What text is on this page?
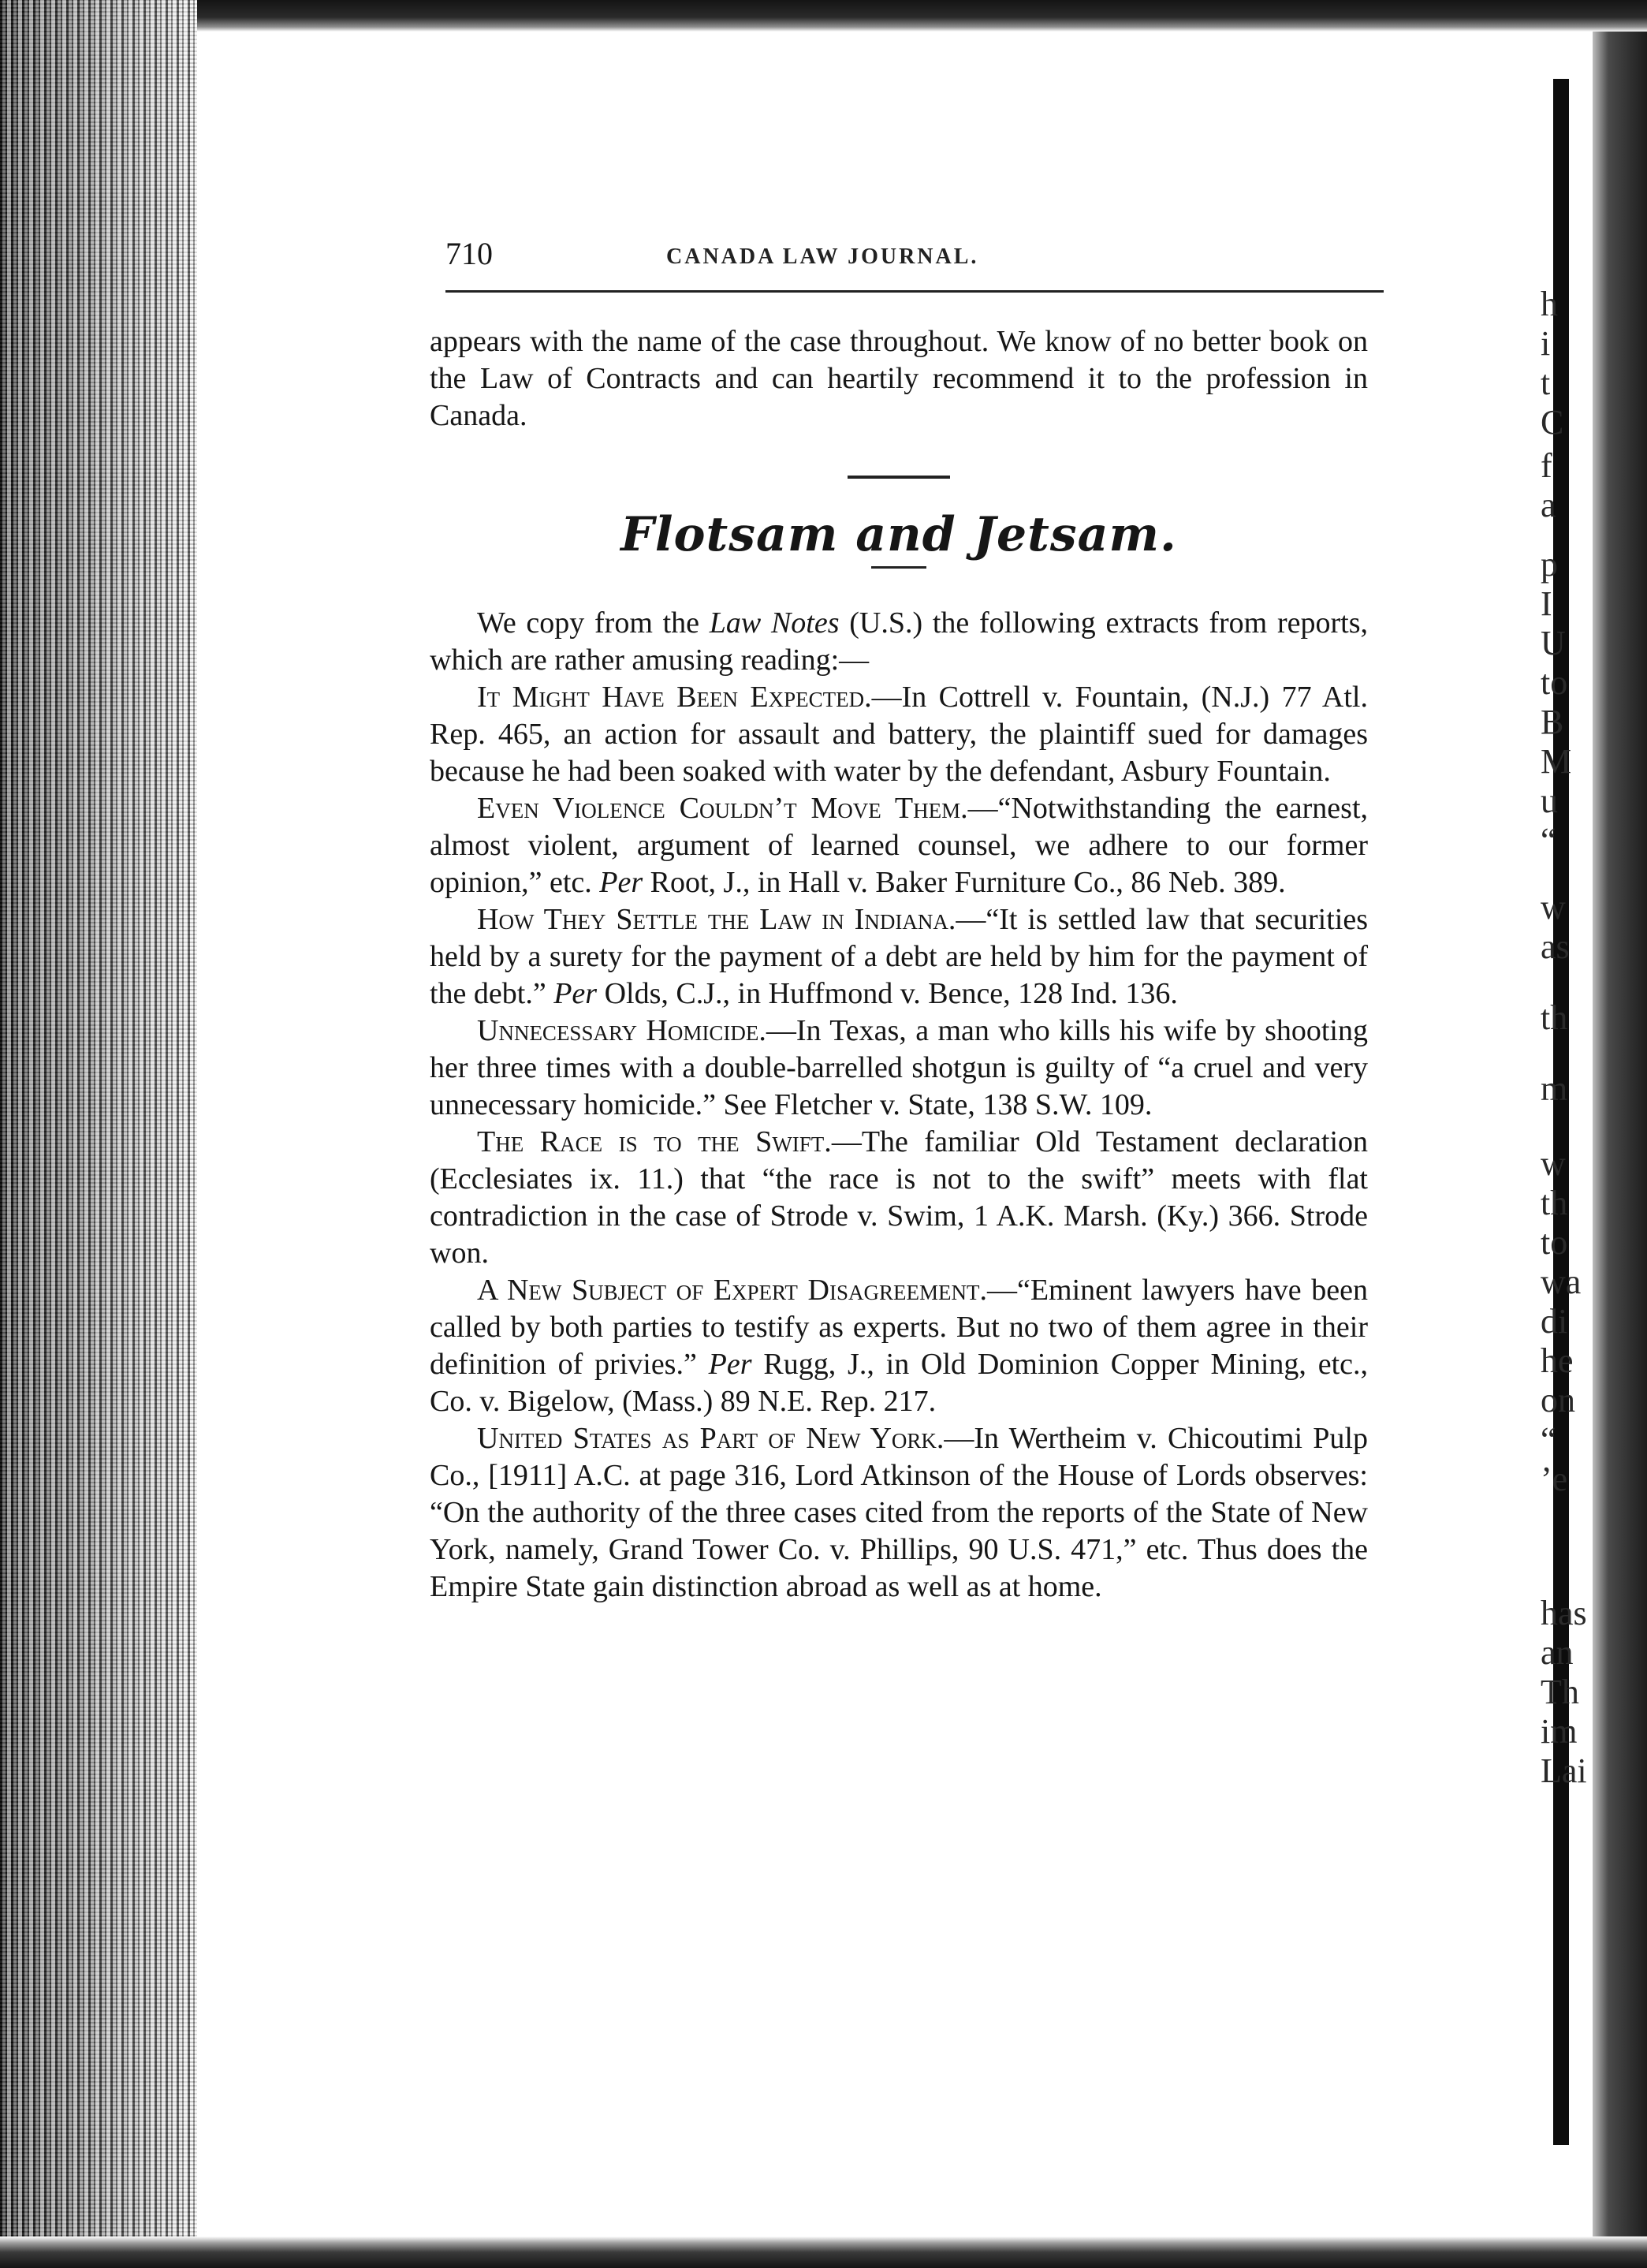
h
i
t
C
f
a
p
I
U
to
B
M
u
“
w
as
th
m
w
th
to
wa
di
he
on
“
’e
has
an
Th
im
Lai
710	CANADA LAW JOURNAL.

appears with the name of the case throughout. We know of no better book on the Law of Contracts and can heartily recommend it to the profession in Canada.

Flotsam and Jetsam.

We copy from the Law Notes (U.S.) the following extracts from reports, which are rather amusing reading:—

It Might Have Been Expected.—In Cottrell v. Fountain, (N.J.) 77 Atl. Rep. 465, an action for assault and battery, the plaintiff sued for damages because he had been soaked with water by the defendant, Asbury Fountain.

Even Violence Couldn’t Move Them.—“Notwithstanding the earnest, almost violent, argument of learned counsel, we adhere to our former opinion,” etc. Per Root, J., in Hall v. Baker Furniture Co., 86 Neb. 389.

How They Settle the Law in Indiana.—“It is settled law that securities held by a surety for the payment of a debt are held by him for the payment of the debt.” Per Olds, C.J., in Huffmond v. Bence, 128 Ind. 136.

Unnecessary Homicide.—In Texas, a man who kills his wife by shooting her three times with a double-barrelled shotgun is guilty of “a cruel and very unnecessary homicide.” See Fletcher v. State, 138 S.W. 109.

The Race is to the Swift.—The familiar Old Testament declaration (Ecclesiates ix. 11.) that “the race is not to the swift” meets with flat contradiction in the case of Strode v. Swim, 1 A.K. Marsh. (Ky.) 366. Strode won.

A New Subject of Expert Disagreement.—“Eminent lawyers have been called by both parties to testify as experts. But no two of them agree in their definition of privies.” Per Rugg, J., in Old Dominion Copper Mining, etc., Co. v. Bigelow, (Mass.) 89 N.E. Rep. 217.

United States as Part of New York.—In Wertheim v. Chicoutimi Pulp Co., [1911] A.C. at page 316, Lord Atkinson of the House of Lords observes: “On the authority of the three cases cited from the reports of the State of New York, namely, Grand Tower Co. v. Phillips, 90 U.S. 471,” etc. Thus does the Empire State gain distinction abroad as well as at home.
